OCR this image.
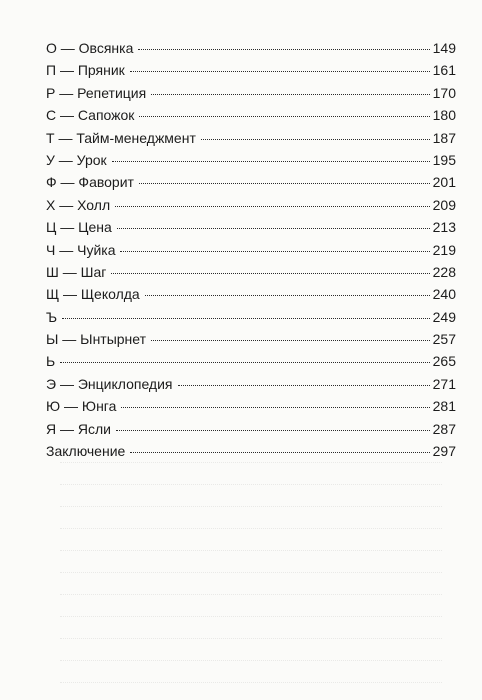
О — Овсянка	149
П — Пряник	161
Р — Репетиция	170
С — Сапожок	180
Т — Тайм-менеджмент	187
У — Урок	195
Ф — Фаворит	201
Х — Холл	209
Ц — Цена	213
Ч — Чуйка	219
Ш — Шаг	228
Щ — Щеколда	240
Ъ	249
Ы — Ынтырнет	257
Ь	265
Э — Энциклопедия	271
Ю — Юнга	281
Я — Ясли	287
Заключение	297
